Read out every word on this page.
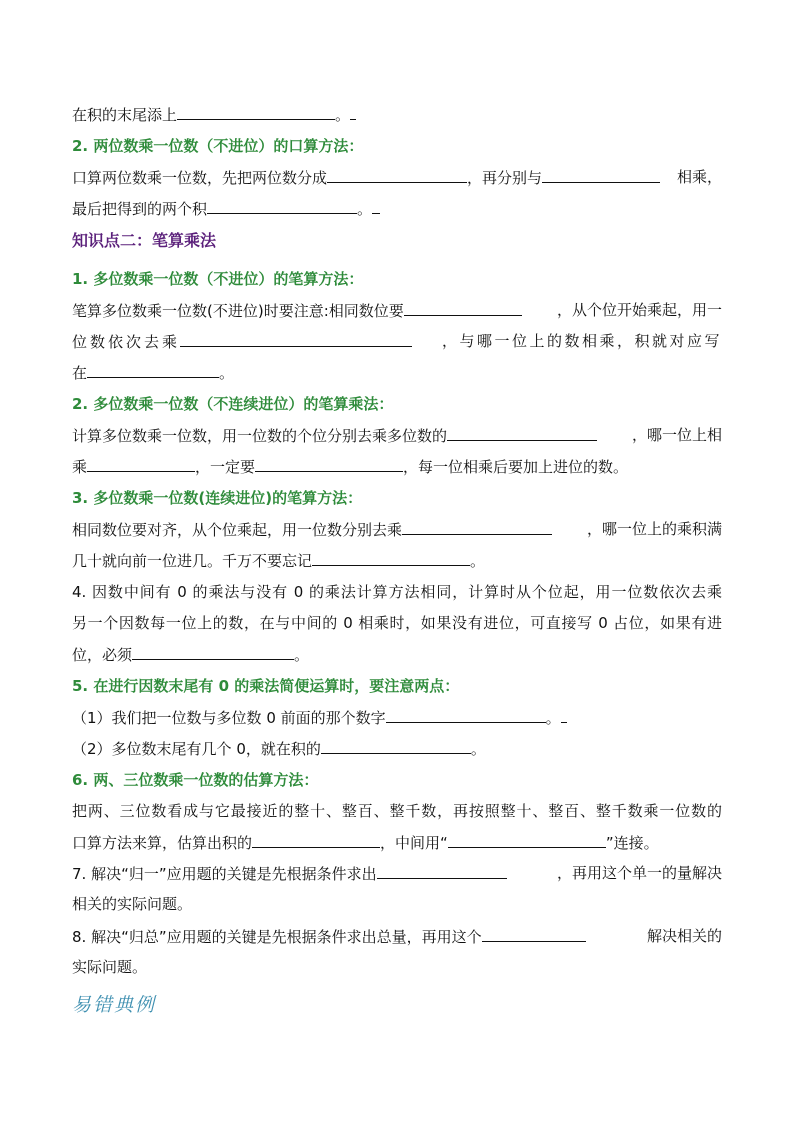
在积的末尾添上	。
2. 两位数乘一位数（不进位）的口算方法：
口算两位数乘一位数，先把两位数分成	，再分别与	相乘，
最后把得到的两个积	。
知识点二：笔算乘法
1. 多位数乘一位数（不进位）的笔算方法：
笔算多位数乘一位数(不进位)时要注意:相同数位要	，从个位开始乘起，用一
位数依次去乘	，与哪一位上的数相乘，积就对应写
在	。
2. 多位数乘一位数（不连续进位）的笔算乘法：
计算多位数乘一位数，用一位数的个位分别去乘多位数的	，哪一位上相
乘	，一定要	，每一位相乘后要加上进位的数。
3. 多位数乘一位数(连续进位)的笔算方法：
相同数位要对齐，从个位乘起，用一位数分别去乘	，哪一位上的乘积满
几十就向前一位进几。千万不要忘记	。
4. 因数中间有 0 的乘法与没有 0 的乘法计算方法相同，计算时从个位起，用一位数依次去乘
另一个因数每一位上的数，在与中间的 0 相乘时，如果没有进位，可直接写 0 占位，如果有进
位，必须	。
5. 在进行因数末尾有 0 的乘法简便运算时，要注意两点：
（1）我们把一位数与多位数 0 前面的那个数字	。
（2）多位数末尾有几个 0，就在积的	。
6. 两、三位数乘一位数的估算方法：
把两、三位数看成与它最接近的整十、整百、整千数，再按照整十、整百、整千数乘一位数的
口算方法来算，估算出积的	，中间用“	”连接。
7. 解决“归一”应用题的关键是先根据条件求出	，再用这个单一的量解决
相关的实际问题。
8. 解决“归总”应用题的关键是先根据条件求出总量，再用这个	解决相关的
实际问题。
易错典例
